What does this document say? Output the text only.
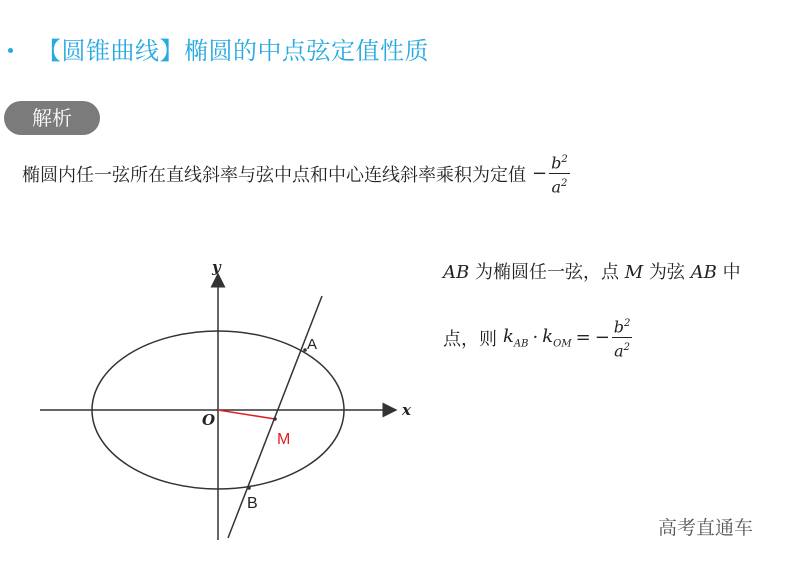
【圆锥曲线】椭圆的中点弦定值性质
解析
椭圆内任一弦所在直线斜率与弦中点和中心连线斜率乘积为定值 − $\frac{b^2}{a^2}$
x
y
O
A
M
B
AB 为椭圆任一弦，点 M 为弦 AB 中
点，则 $k_{AB} \cdot k_{OM}$ = − $\frac{b^2}{a^2}$
高考直通车
